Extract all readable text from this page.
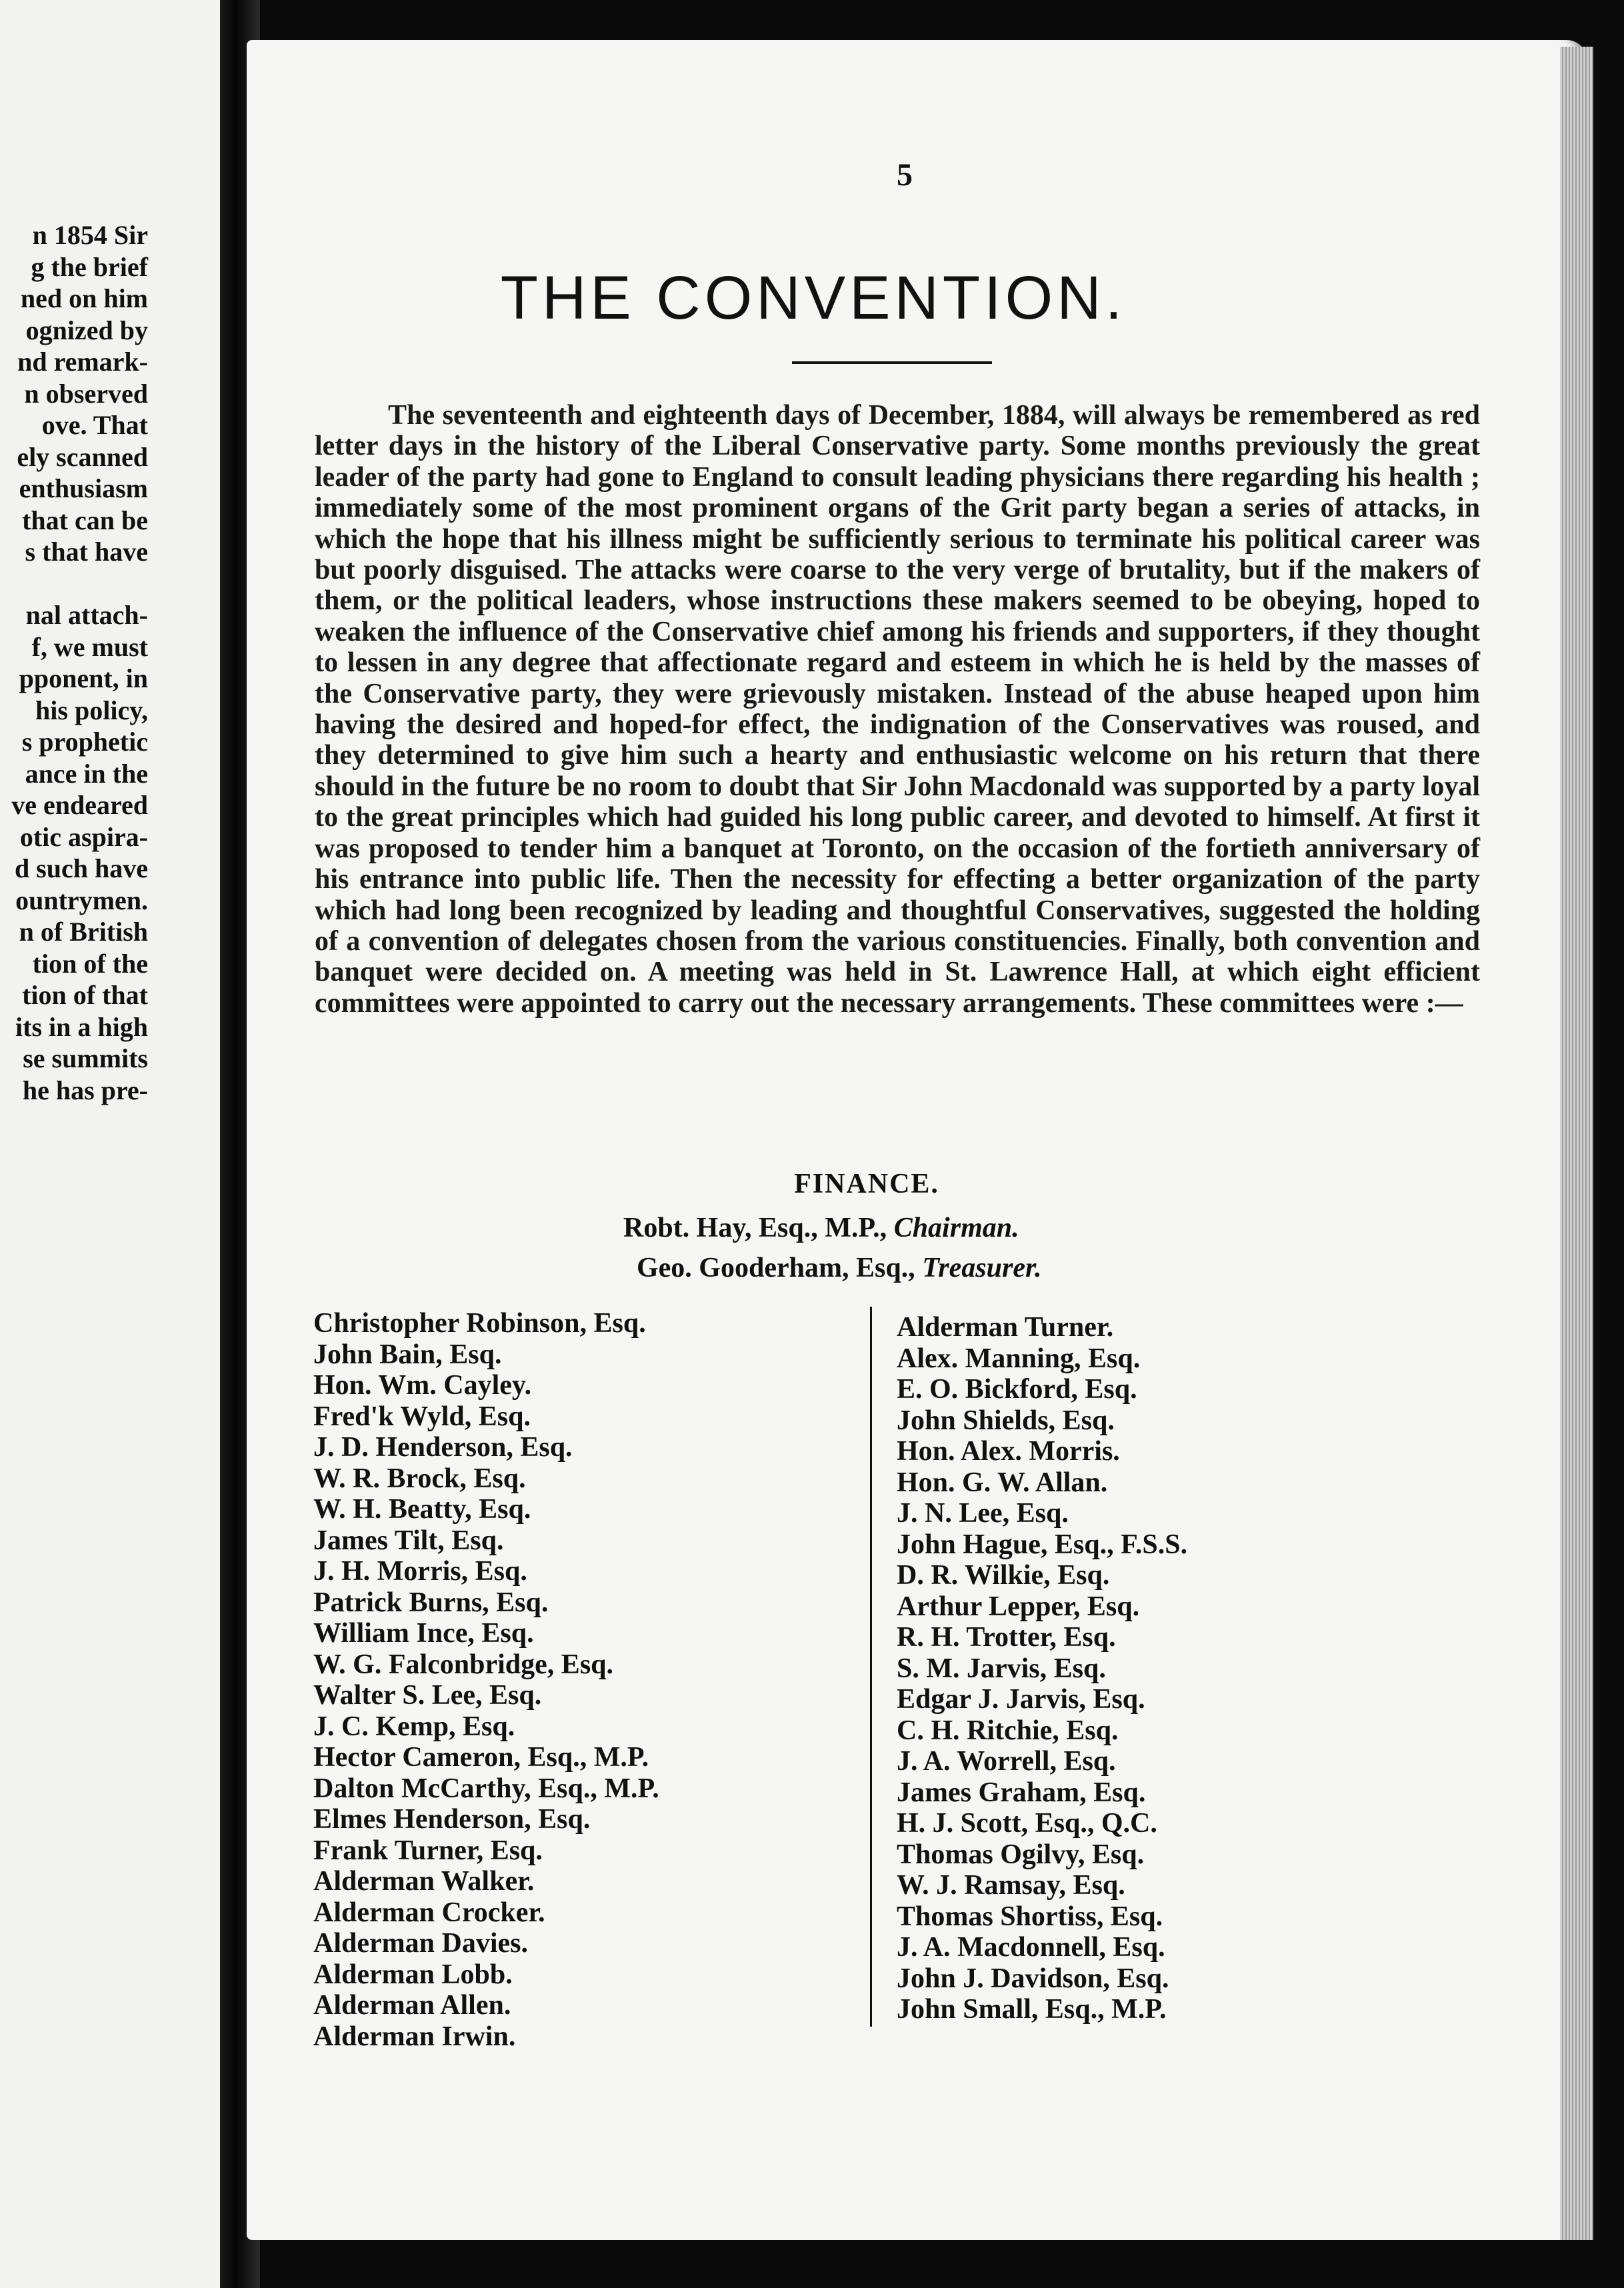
n 1854 Sir
g the brief
ned on him
ognized by
nd remark-
n observed
ove. That
ely scanned
enthusiasm
that can be
s that have
nal attach-
f, we must
pponent, in
his policy,
s prophetic
ance in the
ve endeared
otic aspira-
d such have
ountrymen.
n of British
tion of the
tion of that
its in a high
se summits
he has pre-
5
THE CONVENTION.

The seventeenth and eighteenth days of December, 1884, will always be remembered as red letter days in the history of the Liberal Conservative party. Some months previously the great leader of the party had gone to England to consult leading physicians there regarding his health ; immediately some of the most prominent organs of the Grit party began a series of attacks, in which the hope that his illness might be sufficiently serious to terminate his political career was but poorly disguised. The attacks were coarse to the very verge of brutality, but if the makers of them, or the political leaders, whose instructions these makers seemed to be obeying, hoped to weaken the influence of the Conservative chief among his friends and supporters, if they thought to lessen in any degree that affectionate regard and esteem in which he is held by the masses of the Conservative party, they were grievously mistaken. Instead of the abuse heaped upon him having the desired and hoped-for effect, the indignation of the Conservatives was roused, and they determined to give him such a hearty and enthusiastic welcome on his return that there should in the future be no room to doubt that Sir John Macdonald was supported by a party loyal to the great principles which had guided his long public career, and devoted to himself. At first it was proposed to tender him a banquet at Toronto, on the occasion of the fortieth anniversary of his entrance into public life. Then the necessity for effecting a better organization of the party which had long been recognized by leading and thoughtful Conservatives, suggested the holding of a convention of delegates chosen from the various constituencies. Finally, both convention and banquet were decided on. A meeting was held in St. Lawrence Hall, at which eight efficient committees were appointed to carry out the necessary arrangements. These committees were :—

FINANCE.
Robt. Hay, Esq., M.P., Chairman.
Geo. Gooderham, Esq., Treasurer.
Christopher Robinson, Esq.
John Bain, Esq.
Hon. Wm. Cayley.
Fred'k Wyld, Esq.
J. D. Henderson, Esq.
W. R. Brock, Esq.
W. H. Beatty, Esq.
James Tilt, Esq.
J. H. Morris, Esq.
Patrick Burns, Esq.
William Ince, Esq.
W. G. Falconbridge, Esq.
Walter S. Lee, Esq.
J. C. Kemp, Esq.
Hector Cameron, Esq., M.P.
Dalton McCarthy, Esq., M.P.
Elmes Henderson, Esq.
Frank Turner, Esq.
Alderman Walker.
Alderman Crocker.
Alderman Davies.
Alderman Lobb.
Alderman Allen.
Alderman Irwin.
Alderman Turner.
Alex. Manning, Esq.
E. O. Bickford, Esq.
John Shields, Esq.
Hon. Alex. Morris.
Hon. G. W. Allan.
J. N. Lee, Esq.
John Hague, Esq., F.S.S.
D. R. Wilkie, Esq.
Arthur Lepper, Esq.
R. H. Trotter, Esq.
S. M. Jarvis, Esq.
Edgar J. Jarvis, Esq.
C. H. Ritchie, Esq.
J. A. Worrell, Esq.
James Graham, Esq.
H. J. Scott, Esq., Q.C.
Thomas Ogilvy, Esq.
W. J. Ramsay, Esq.
Thomas Shortiss, Esq.
J. A. Macdonnell, Esq.
John J. Davidson, Esq.
John Small, Esq., M.P.
